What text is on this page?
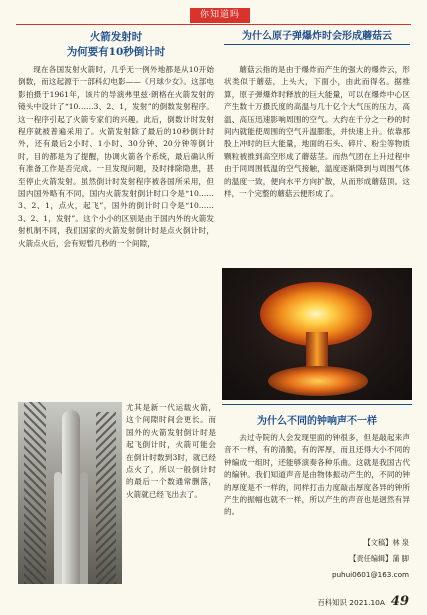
你知道吗
火箭发射时
为何要有10秒倒计时
现在各国发射火箭时，几乎无一例外地都是从10开始倒数，而这起源于一部科幻电影——《月球少女》。这部电影拍摄于1961年，该片的导演弗里兹·朗格在火箭发射的镜头中设计了“10……3、2、1，发射”的倒数发射程序。这一程序引起了火箭专家们的兴趣。此后，倒数计时发射程序就被普遍采用了。火箭发射除了最后的10秒倒计时外，还有最后2小时、1小时、30分钟、20分钟等倒计时，目的都是为了提醒，协调火箭各个系统，最后确认所有准备工作是否完成。一旦发现问题，及时排除隐患，甚至停止火箭发射。虽然倒计时发射程序被各国所采用，但国内国外略有不同，国内火箭发射倒计时口令是“10……3、2、1，点火，起飞”，国外的倒计时口令是“10……3、2、1，发射”。这个小小的区别是由于国内外的火箭发射机制不同，我们国家的火箭发射倒计时是点火倒计时，火箭点火后，会有短暂几秒的一个间隙，
尤其是新一代运载火箭，这个间隙时间会更长。而国外的火箭发射倒计时是起飞倒计时，火箭可能会在倒计时数到3时，就已经点火了，所以一般倒计时的最后一个数通常删落，火箭就已经飞出去了。
为什么原子弹爆炸时会形成蘑菇云
蘑菇云指的是由于爆炸而产生的强大的爆炸云，形状类似于蘑菇，上头大，下面小，由此而得名。据推算，原子弹爆炸时释放的巨大能量，可以在爆炸中心区产生数十万摄氏度的高温与几十亿个大气压的压力，高温、高压迅速影响周围的空气。大约在千分之一秒的时间内就能使周围的空气升温膨胀，并快速上升。依靠那股上冲时的巨大能量，地面的石头、碎片、粉尘等物质颗粒被推到高空形成了蘑菇茎。而热气团在上升过程中由于同周围低温的空气接触，温度逐渐降到与周围气体的温度一致，便向水平方向扩散，从而形成蘑菇顶。这样，一个完整的蘑菇云便形成了。
为什么不同的钟响声不一样
去过寺院的人会发现里面的钟很多，但是敲起来声音不一样，有的清脆，有的浑厚，而且还得大小不同的钟编成一组时，还能够演奏各种乐曲。这就是我国古代的编钟。我们知道声音是由物体振动产生的，不同的钟的厚度是不一样的，同样打击力度敲击厚度各异的钟所产生的振幅也就不一样，所以产生的声音也是迥然有异的。
【文稿】林 泉
【责任编辑】蒲 脚
puhui0601@163.com
百科知识 2021.10A 49
